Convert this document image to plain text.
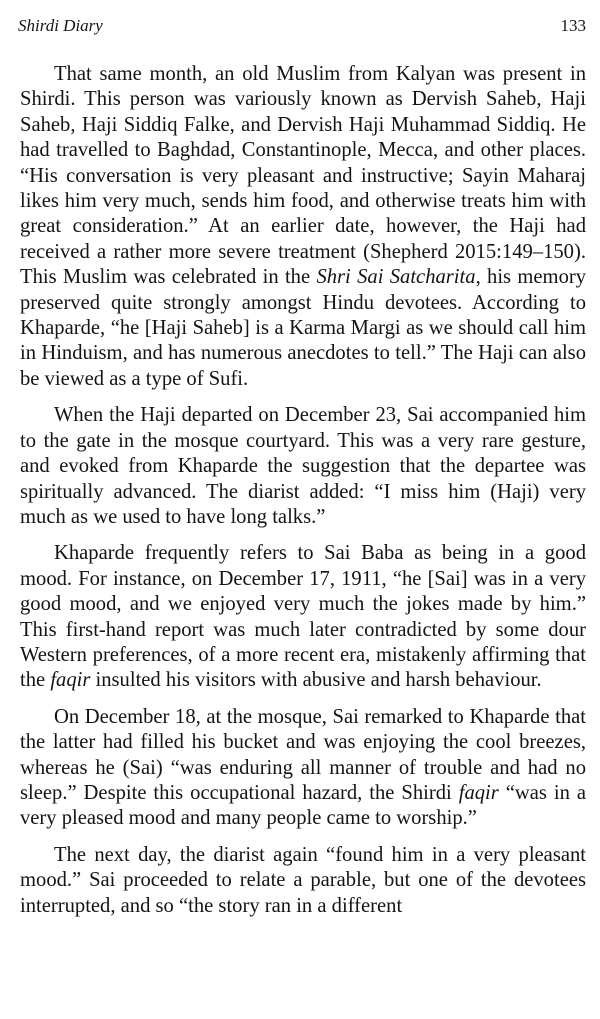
Shirdi Diary	133

That same month, an old Muslim from Kalyan was present in Shirdi. This person was variously known as Dervish Saheb, Haji Saheb, Haji Siddiq Falke, and Dervish Haji Muhammad Siddiq. He had travelled to Baghdad, Constantinople, Mecca, and other places. “His conversation is very pleasant and instructive; Sayin Maharaj likes him very much, sends him food, and otherwise treats him with great consideration.” At an earlier date, however, the Haji had received a rather more severe treatment (Shepherd 2015:149–150). This Muslim was celebrated in the Shri Sai Satcharita, his memory preserved quite strongly amongst Hindu devotees. According to Khaparde, “he [Haji Saheb] is a Karma Margi as we should call him in Hinduism, and has numerous anecdotes to tell.” The Haji can also be viewed as a type of Sufi.

When the Haji departed on December 23, Sai accompanied him to the gate in the mosque courtyard. This was a very rare gesture, and evoked from Khaparde the suggestion that the departee was spiritually advanced. The diarist added: “I miss him (Haji) very much as we used to have long talks.”

Khaparde frequently refers to Sai Baba as being in a good mood. For instance, on December 17, 1911, “he [Sai] was in a very good mood, and we enjoyed very much the jokes made by him.” This first-hand report was much later contradicted by some dour Western preferences, of a more recent era, mistakenly affirming that the faqir insulted his visitors with abusive and harsh behaviour.

On December 18, at the mosque, Sai remarked to Khaparde that the latter had filled his bucket and was enjoying the cool breezes, whereas he (Sai) “was enduring all manner of trouble and had no sleep.” Despite this occupational hazard, the Shirdi faqir “was in a very pleased mood and many people came to worship.”

The next day, the diarist again “found him in a very pleasant mood.” Sai proceeded to relate a parable, but one of the devotees interrupted, and so “the story ran in a different
